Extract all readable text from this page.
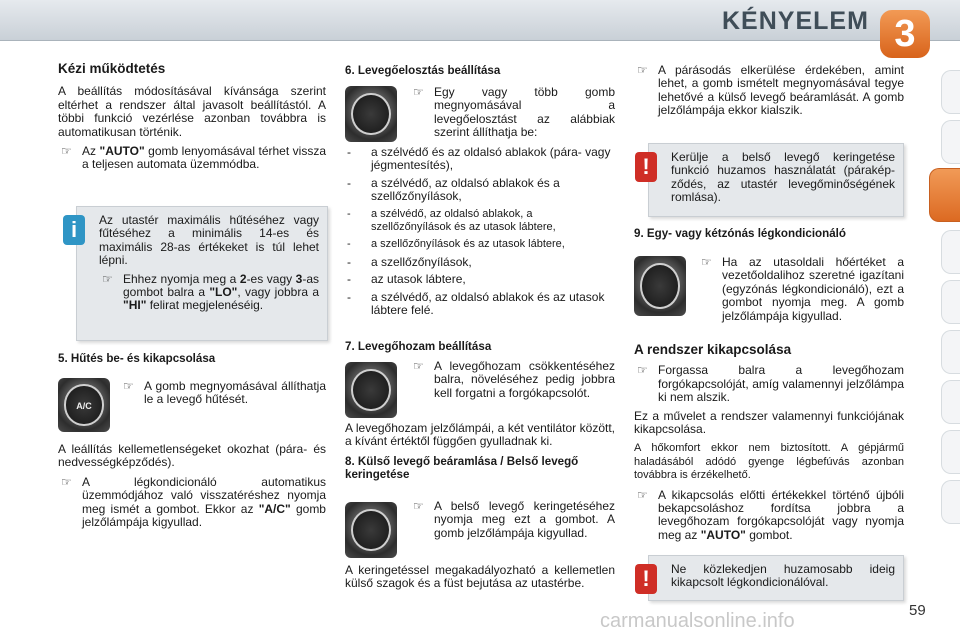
KÉNYELEM 3
Kézi működtetés

A beállítás módosításával kívánsága szerint eltérhet a rendszer által javasolt beállítástól. A többi funkció vezérlése azonban továbbra is automatikusan történik.

☞ Az "AUTO" gomb lenyomásával térhet vissza a teljesen automata üzemmódba.
i	Az utastér maximális hűtéséhez vagy fűtéséhez a minimális 14-es és maximális 28-as értékeket is túl lehet lépni.

☞ Ehhez nyomja meg a 2-es vagy 3-as gombot balra a "LO", vagy jobbra a "HI" felirat megjelenéséig.
5. Hűtés be- és kikapcsolása
A/C
☞ A gomb megnyomásával állíthatja le a levegő hűtését.

A leállítás kellemetlenségeket okozhat (pára- és nedvességképződés).

☞ A légkondicionáló automatikus üzemmódjához való visszatéréshez nyomja meg ismét a gombot. Ekkor az "A/C" gomb jelzőlámpája kigyullad.
6. Levegőelosztás beállítása
☞ Egy vagy több gomb megnyomásával a levegőelosztást az alábbiak szerint állíthatja be:
- a szélvédő és az oldalsó ablakok (pára- vagy jégmentesítés),
- a szélvédő, az oldalsó ablakok és a szellőzőnyílások,
- a szélvédő, az oldalsó ablakok, a szellőzőnyílások és az utasok lábtere,
- a szellőzőnyílások és az utasok lábtere,
- a szellőzőnyílások,
- az utasok lábtere,
- a szélvédő, az oldalsó ablakok és az utasok lábtere felé.
7. Levegőhozam beállítása
☞ A levegőhozam csökkentéséhez balra, növeléséhez pedig jobbra kell forgatni a forgókapcsolót.

A levegőhozam jelzőlámpái, a két ventilátor között, a kívánt értéktől függően gyulladnak ki.

8. Külső levegő beáramlása / Belső levegő keringetése
☞ A belső levegő keringetéséhez nyomja meg ezt a gombot. A gomb jelzőlámpája kigyullad.

A keringetéssel megakadályozható a kellemetlen külső szagok és a füst bejutása az utastérbe.

☞ A párásodás elkerülése érdekében, amint lehet, a gomb ismételt megnyomásával tegye lehetővé a külső levegő beáramlását. A gomb jelzőlámpája ekkor kialszik.
!	Kerülje a belső levegő keringetése funkció huzamos használatát (páraképződés, az utastér levegőminőségének romlása).

9. Egy- vagy kétzónás légkondicionáló
☞ Ha az utasoldali hőértéket a vezetőoldalihoz szeretné igazítani (egyzónás légkondicionáló), ezt a gombot nyomja meg. A gomb jelzőlámpája kigyullad.
A rendszer kikapcsolása
☞ Forgassa balra a levegőhozam forgókapcsolóját, amíg valamennyi jelzőlámpa ki nem alszik.

Ez a művelet a rendszer valamennyi funkciójának kikapcsolása.

A hőkomfort ekkor nem biztosított. A gépjármű haladásából adódó gyenge légbefúvás azonban továbbra is érzékelhető.

☞ A kikapcsolás előtti értékekkel történő újbóli bekapcsoláshoz fordítsa jobbra a levegőhozam forgókapcsolóját vagy nyomja meg az "AUTO" gombot.
!	Ne közlekedjen huzamosabb ideig kikapcsolt légkondicionálóval.

carmanualsonline.info	59
